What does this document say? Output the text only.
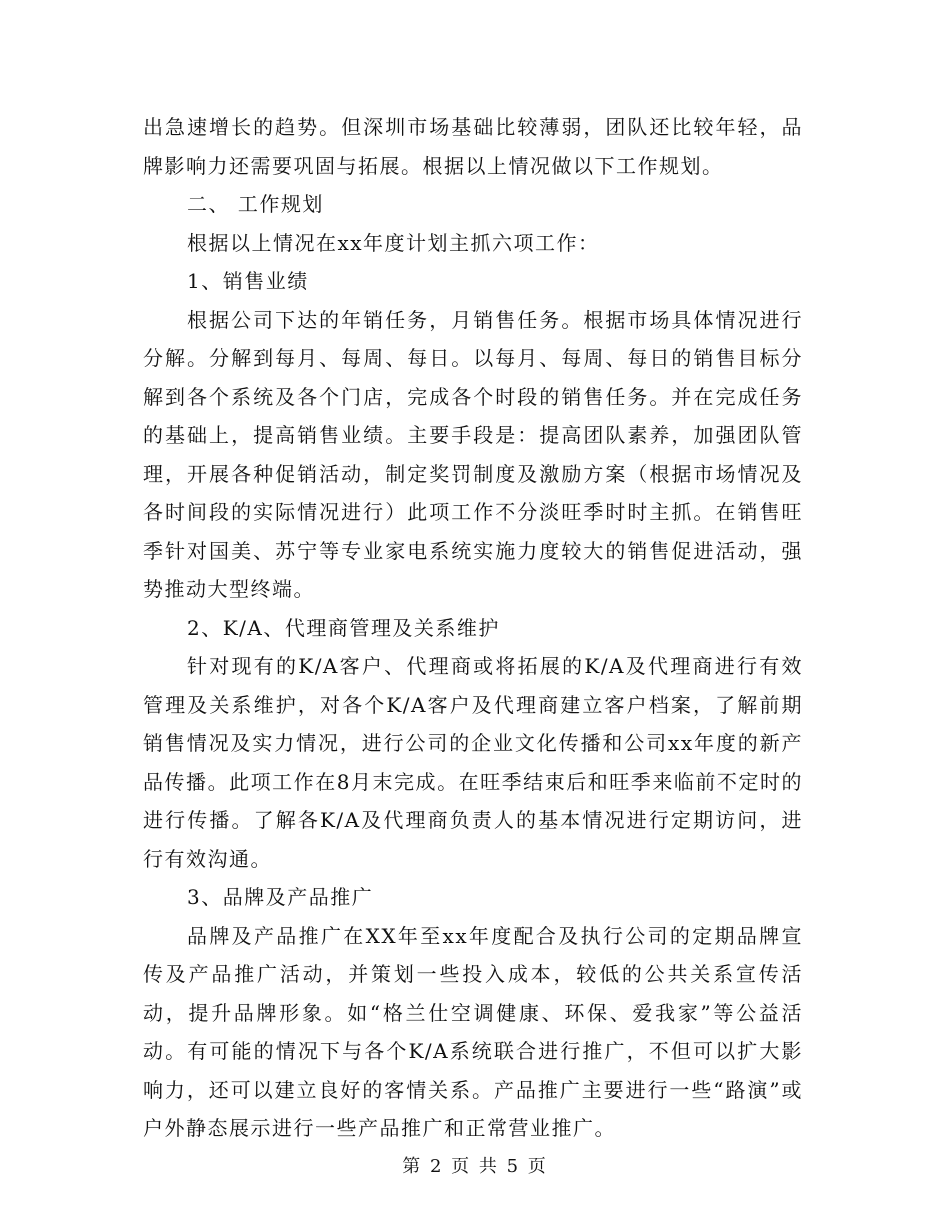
出急速增长的趋势。但深圳市场基础比较薄弱，团队还比较年轻，品牌影响力还需要巩固与拓展。根据以上情况做以下工作规划。

二、 工作规划

根据以上情况在xx年度计划主抓六项工作：

1、销售业绩

根据公司下达的年销任务，月销售任务。根据市场具体情况进行分解。分解到每月、每周、每日。以每月、每周、每日的销售目标分解到各个系统及各个门店，完成各个时段的销售任务。并在完成任务的基础上，提高销售业绩。主要手段是：提高团队素养，加强团队管理，开展各种促销活动，制定奖罚制度及激励方案（根据市场情况及各时间段的实际情况进行）此项工作不分淡旺季时时主抓。在销售旺季针对国美、苏宁等专业家电系统实施力度较大的销售促进活动，强势推动大型终端。

2、K/A、代理商管理及关系维护

针对现有的K/A客户、代理商或将拓展的K/A及代理商进行有效管理及关系维护，对各个K/A客户及代理商建立客户档案，了解前期销售情况及实力情况，进行公司的企业文化传播和公司xx年度的新产品传播。此项工作在8月末完成。在旺季结束后和旺季来临前不定时的进行传播。了解各K/A及代理商负责人的基本情况进行定期访问，进行有效沟通。

3、品牌及产品推广

品牌及产品推广在XX年至xx年度配合及执行公司的定期品牌宣传及产品推广活动，并策划一些投入成本，较低的公共关系宣传活动，提升品牌形象。如“格兰仕空调健康、环保、爱我家”等公益活动。有可能的情况下与各个K/A系统联合进行推广，不但可以扩大影响力，还可以建立良好的客情关系。产品推广主要进行一些“路演”或户外静态展示进行一些产品推广和正常营业推广。

第 2 页 共 5 页
